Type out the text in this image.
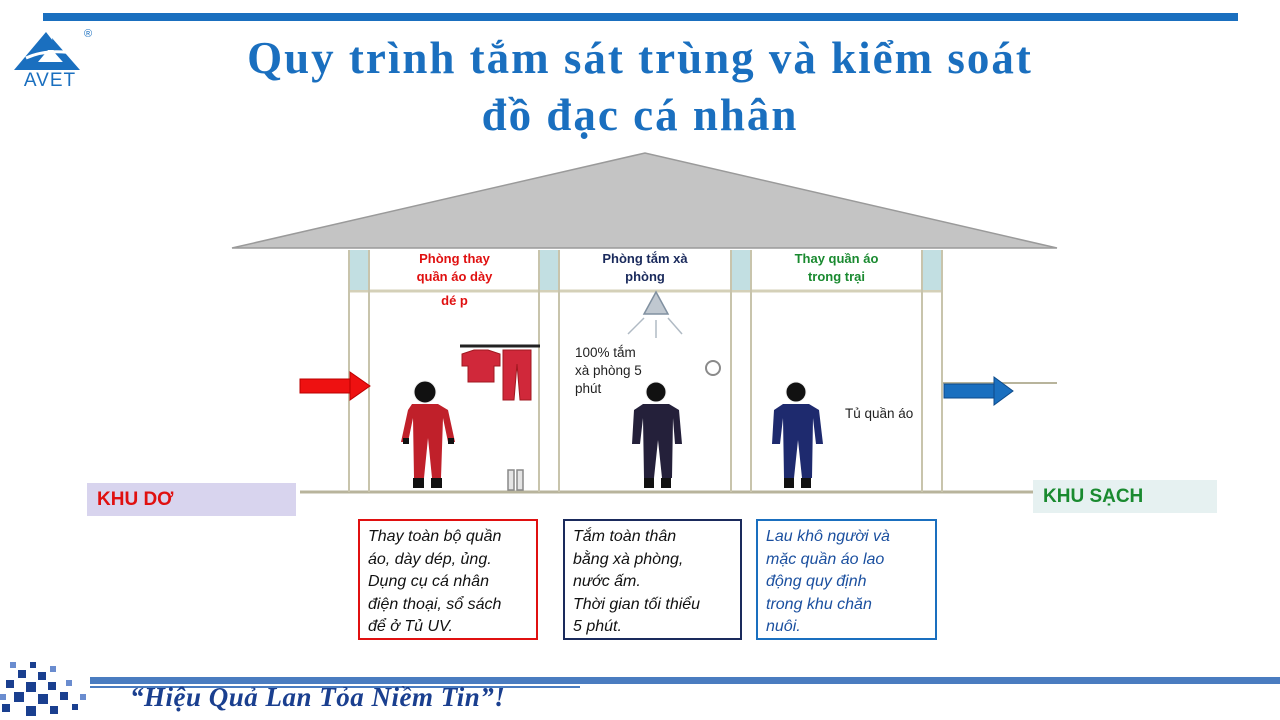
®
AVET	Quy trình tắm sát trùng và kiểm soát
đồ đạc cá nhân
Phòng thay
quần áo dày
dé p
Phòng tắm xà
phòng
Thay quần áo
trong trại
100% tắm
xà phòng 5
phút
Tủ quần áo
KHU DƠ	KHU SẠCH
Thay toàn bộ quần
áo, dày dép, ủng.
Dụng cụ cá nhân
điện thoại, sổ sách
để ở Tủ UV.
Tắm toàn thân
bằng xà phòng,
nước ấm.
Thời gian tối thiểu
5 phút.
Lau khô người và
mặc quần áo lao
động quy định
trong khu chăn
nuôi.
“Hiệu Quả Lan Tỏa Niềm Tin”!
